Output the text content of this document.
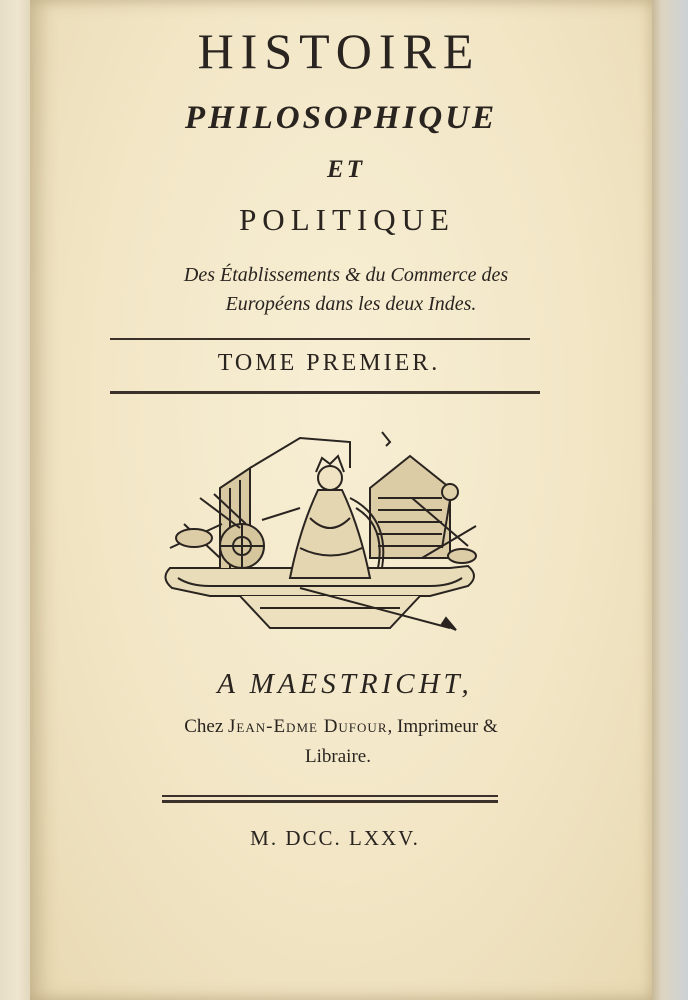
HISTOIRE
PHILOSOPHIQUE
ET
POLITIQUE
Des Établissements & du Commerce des
Européens dans les deux Indes.
TOME PREMIER.
A MAESTRICHT,
Chez Jean-Edme Dufour, Imprimeur &
Libraire.
M. DCC. LXXV.
